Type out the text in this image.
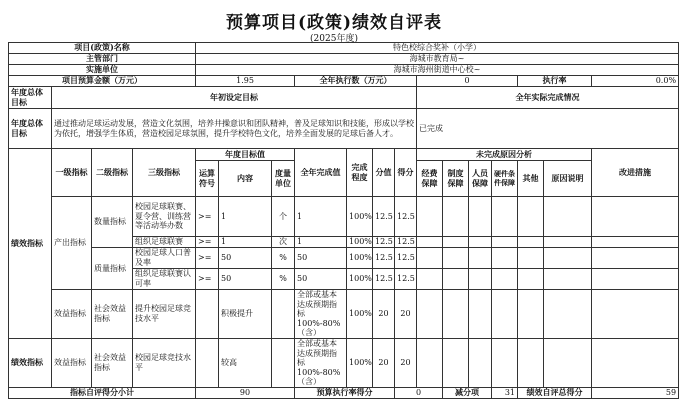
预算项目(政策)绩效自评表
(2025年度)
项目(政策)名称				特色校综合奖补（小学）													
主管部门				海城市教育局~													
实施单位				海城市海州街道中心校~													
项目预算金额（万元）				1.95			全年执行数（万元）				0				执行率		0.0%
年度总体目标	年初设定目标										全年实际完成情况						
年度总体目标	通过推动足球运动发展，营造文化氛围，培养井操意识和团队精神，普及足球知识和技能，形成以学校为依托，增强学生体质，营造校园足球氛围，提升学校特色文化，培养全面发展的足球后备人才。										已完成						
绩效指标	一级指标	二级指标	三级指标	年度目标值			全年完成值	完成程度	分值	得分	未完成原因分析						改进措施
				运算符号	内容	度量单位					经费保障	制度保障	人员保障	硬件条件保障	其他	原因说明	
	产出指标	数量指标	校园足球联赛、夏令营、训练营等活动举办数	>=	1	个	1	100%	12.5	12.5							
			组织足球联赛	>=	1	次	1	100%	12.5	12.5							
		质量指标	校园足球人口普及率	>=	50	%	50	100%	12.5	12.5							
			组织足球联赛认可率	>=	50	%	50	100%	12.5	12.5							
	效益指标	社会效益指标	提升校园足球竞技水平		积极提升		全部或基本达成预期指标100%-80%（含）	100%	20	20							
绩效指标	效益指标	社会效益指标	校园足球竞技水平		较高		全部或基本达成预期指标100%-80%（含）	100%	20	20							
指标自评得分小计				90			预算执行率得分			0		减分项		31	绩效自评总得分		59
